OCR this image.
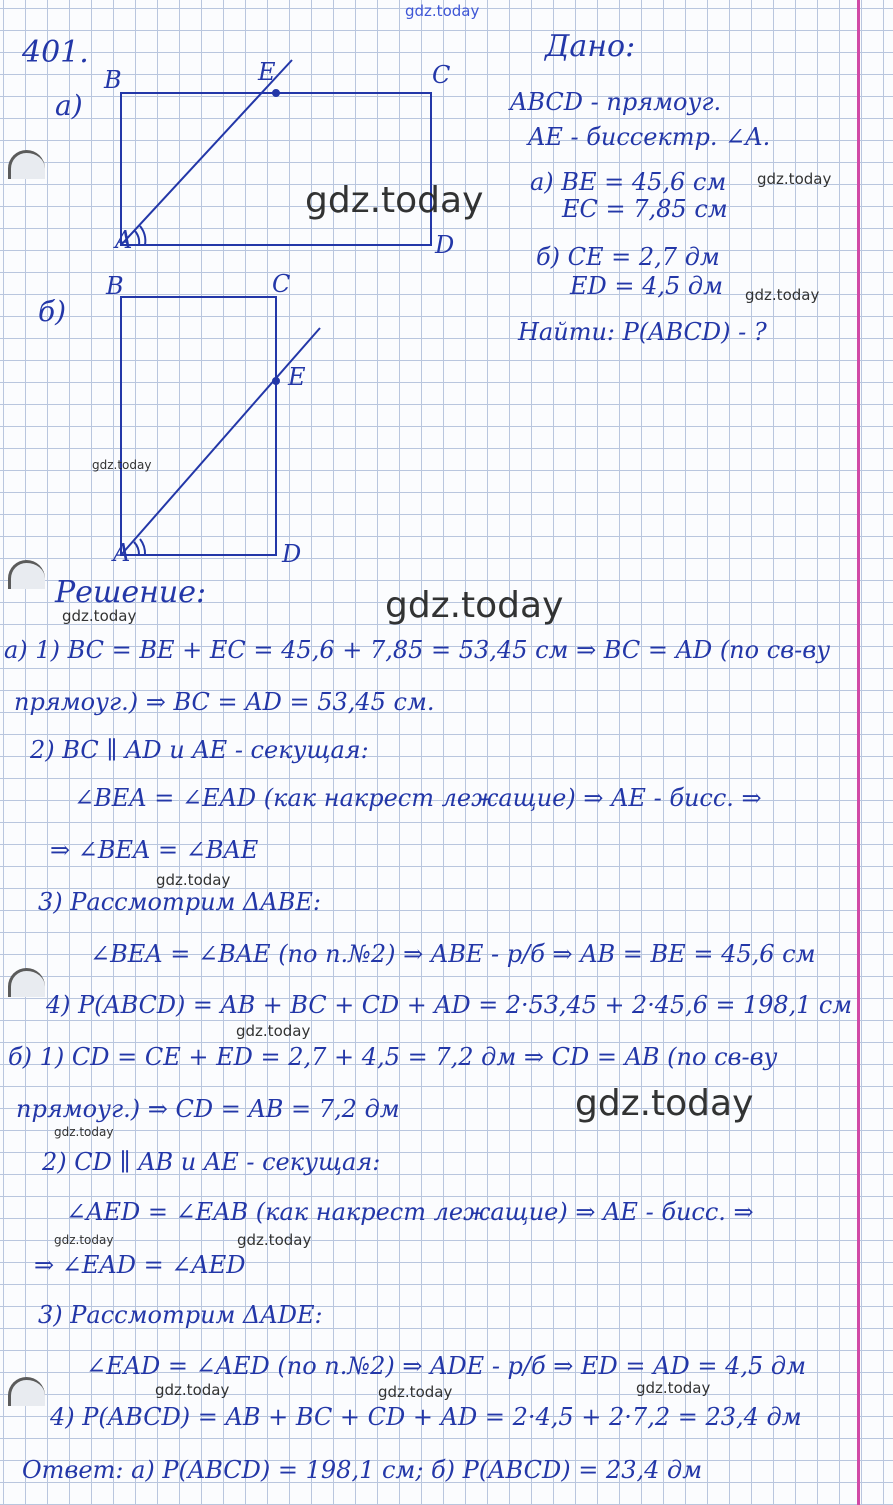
gdz.today
401.
а)
б)
B	C
E
A	D
B	C
E
A	D
Дано:
ABCD - прямоуг.
AE - биссектр. ∠A.
а) BE = 45,6 см
EC = 7,85 см
б) CE = 2,7 дм
ED = 4,5 дм
Найти: P(ABCD) - ?
Решение:
а) 1) BC = BE + EC = 45,6 + 7,85 = 53,45 см ⇒ BC = AD (по св-ву
прямоуг.) ⇒ BC = AD = 53,45 см.
2) BC ∥ AD и AE - секущая:
∠BEA = ∠EAD (как накрест лежащие) ⇒ AE - бисс. ⇒
⇒ ∠BEA = ∠BAE
3) Рассмотрим ΔABE:
∠BEA = ∠BAE (по п.№2) ⇒ ABE - р/б ⇒ AB = BE = 45,6 см
4) P(ABCD) = AB + BC + CD + AD = 2·53,45 + 2·45,6 = 198,1 см
б) 1) CD = CE + ED = 2,7 + 4,5 = 7,2 дм ⇒ CD = AB (по св-ву
прямоуг.) ⇒ CD = AB = 7,2 дм
2) CD ∥ AB и AE - секущая:
∠AED = ∠EAB (как накрест лежащие) ⇒ AE - бисс. ⇒
⇒ ∠EAD = ∠AED
3) Рассмотрим ΔADE:
∠EAD = ∠AED (по п.№2) ⇒ ADE - р/б ⇒ ED = AD = 4,5 дм
4) P(ABCD) = AB + BC + CD + AD = 2·4,5 + 2·7,2 = 23,4 дм
Ответ: а) P(ABCD) = 198,1 см; б) P(ABCD) = 23,4 дм
gdz.today
gdz.today
gdz.today
gdz.today
gdz.today
gdz.today
gdz.today
gdz.today
gdz.today
gdz.today
gdz.today	gdz.today
gdz.today	gdz.today	gdz.today
